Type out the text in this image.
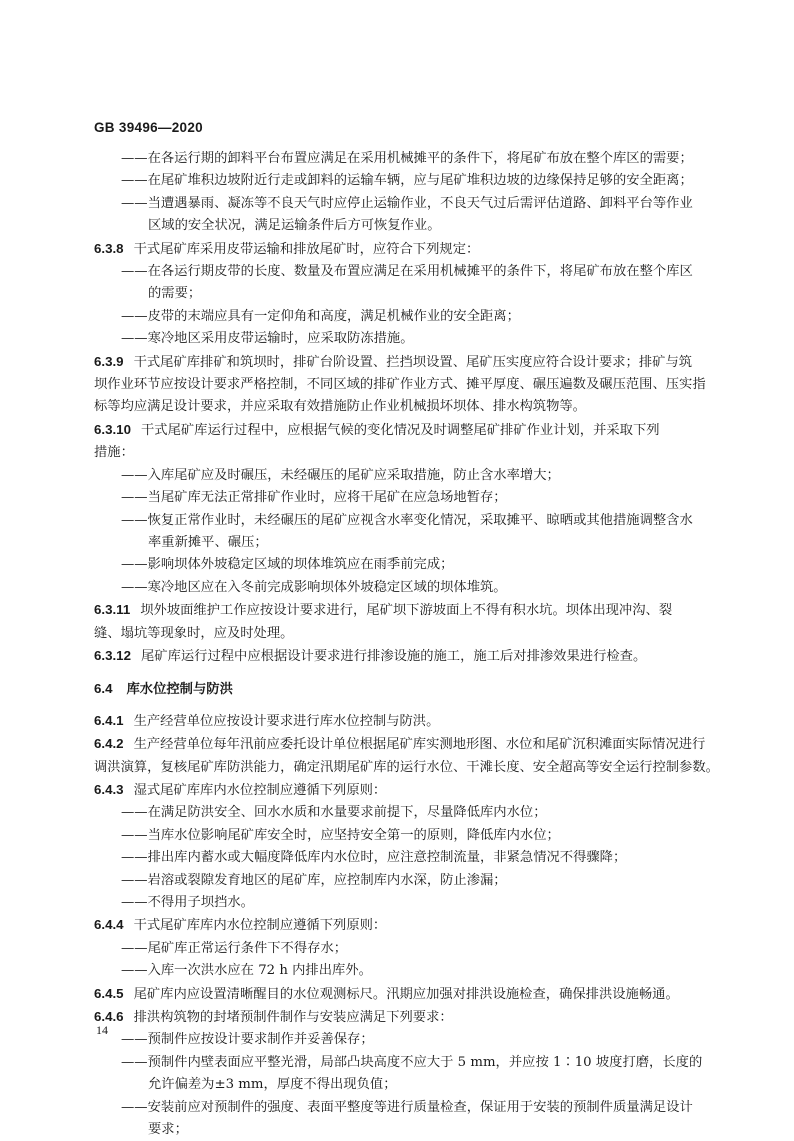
GB 39496—2020
——在各运行期的卸料平台布置应满足在采用机械摊平的条件下，将尾矿布放在整个库区的需要；
——在尾矿堆积边坡附近行走或卸料的运输车辆，应与尾矿堆积边坡的边缘保持足够的安全距离；
——当遭遇暴雨、凝冻等不良天气时应停止运输作业，不良天气过后需评估道路、卸料平台等作业
区域的安全状况，满足运输条件后方可恢复作业。
6.3.8 干式尾矿库采用皮带运输和排放尾矿时，应符合下列规定：
——在各运行期皮带的长度、数量及布置应满足在采用机械摊平的条件下，将尾矿布放在整个库区
的需要；
——皮带的末端应具有一定仰角和高度，满足机械作业的安全距离；
——寒冷地区采用皮带运输时，应采取防冻措施。
6.3.9 干式尾矿库排矿和筑坝时，排矿台阶设置、拦挡坝设置、尾矿压实度应符合设计要求；排矿与筑
坝作业环节应按设计要求严格控制，不同区域的排矿作业方式、摊平厚度、碾压遍数及碾压范围、压实指
标等均应满足设计要求，并应采取有效措施防止作业机械损坏坝体、排水构筑物等。
6.3.10 干式尾矿库运行过程中，应根据气候的变化情况及时调整尾矿排矿作业计划，并采取下列
措施：
——入库尾矿应及时碾压，未经碾压的尾矿应采取措施，防止含水率增大；
——当尾矿库无法正常排矿作业时，应将干尾矿在应急场地暂存；
——恢复正常作业时，未经碾压的尾矿应视含水率变化情况，采取摊平、晾晒或其他措施调整含水
率重新摊平、碾压；
——影响坝体外坡稳定区域的坝体堆筑应在雨季前完成；
——寒冷地区应在入冬前完成影响坝体外坡稳定区域的坝体堆筑。
6.3.11 坝外坡面维护工作应按设计要求进行，尾矿坝下游坡面上不得有积水坑。坝体出现冲沟、裂
缝、塌坑等现象时，应及时处理。
6.3.12 尾矿库运行过程中应根据设计要求进行排渗设施的施工，施工后对排渗效果进行检查。
6.4 库水位控制与防洪
6.4.1 生产经营单位应按设计要求进行库水位控制与防洪。
6.4.2 生产经营单位每年汛前应委托设计单位根据尾矿库实测地形图、水位和尾矿沉积滩面实际情况进行
调洪演算，复核尾矿库防洪能力，确定汛期尾矿库的运行水位、干滩长度、安全超高等安全运行控制参数。
6.4.3 湿式尾矿库库内水位控制应遵循下列原则：
——在满足防洪安全、回水水质和水量要求前提下，尽量降低库内水位；
——当库水位影响尾矿库安全时，应坚持安全第一的原则，降低库内水位；
——排出库内蓄水或大幅度降低库内水位时，应注意控制流量，非紧急情况不得骤降；
——岩溶或裂隙发育地区的尾矿库，应控制库内水深，防止渗漏；
——不得用子坝挡水。
6.4.4 干式尾矿库库内水位控制应遵循下列原则：
——尾矿库正常运行条件下不得存水；
——入库一次洪水应在 72 h 内排出库外。
6.4.5 尾矿库内应设置清晰醒目的水位观测标尺。汛期应加强对排洪设施检查，确保排洪设施畅通。
6.4.6 排洪构筑物的封堵预制件制作与安装应满足下列要求：
——预制件应按设计要求制作并妥善保存；
——预制件内壁表面应平整光滑，局部凸块高度不应大于 5 mm，并应按 1∶10 坡度打磨，长度的
允许偏差为±3 mm，厚度不得出现负值；
——安装前应对预制件的强度、表面平整度等进行质量检查，保证用于安装的预制件质量满足设计
要求；
14
